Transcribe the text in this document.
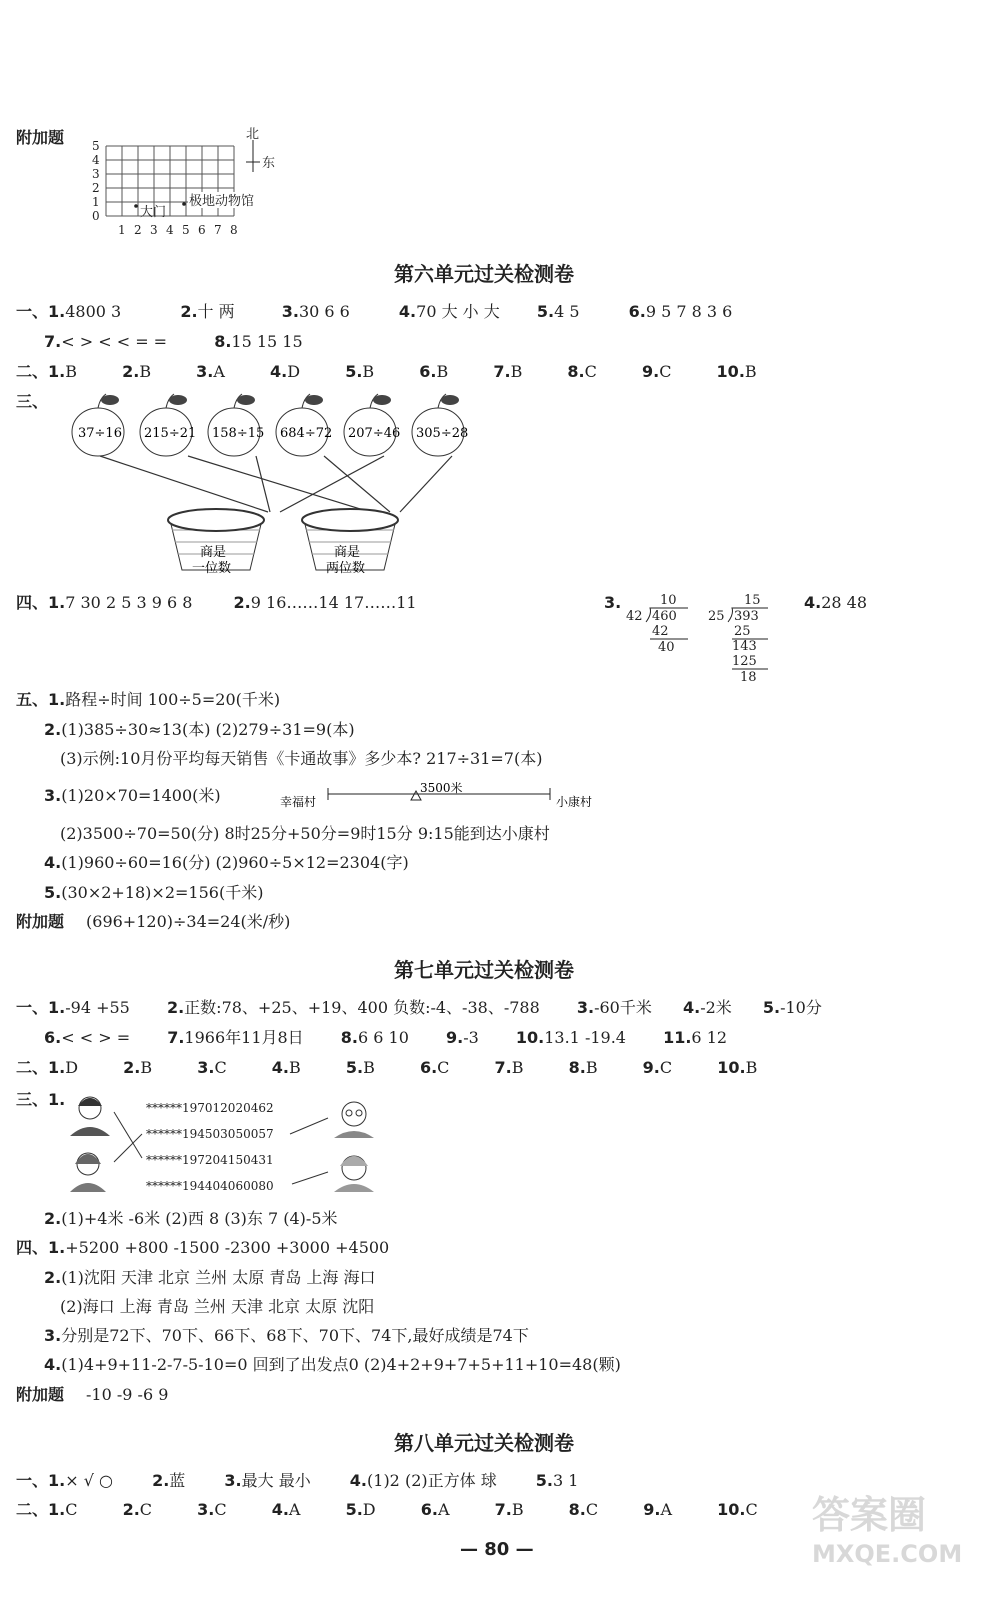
附加题 5
4
3
2
1
0
1 2 3 4 5 6 7 8
大门
极地动物馆
北
东
第六单元过关检测卷
一、1.4800 3	2.十 两	3.30 6 6	4.70 大 小 大 5.4 5	6.9 5 7 8 3 6
7.< > < < = =	8.15 15 15
二、1.B	2.B	3.A	4.D	5.B	6.B	7.B	8.C	9.C	10.B
三、
37÷16 215÷21 158÷15 684÷72 207÷46 305÷28
商是
一位数
商是
两位数
四、1.7 30 2 5 3 9 6 8	2.9 16……14 17……11	3.	4.28 48
10
42 460
42
40
15
25 393
25
143
125
18
五、1.路程÷时间 100÷5=20(千米)
2.(1)385÷30≈13(本) (2)279÷31=9(本)
(3)示例:10月份平均每天销售《卡通故事》多少本? 217÷31=7(本)
3.(1)20×70=1400(米)	幸福村	小康村
3500米
(2)3500÷70=50(分) 8时25分+50分=9时15分 9:15能到达小康村
4.(1)960÷60=16(分) (2)960÷5×12=2304(字)
5.(30×2+18)×2=156(千米)
附加题 (696+120)÷34=24(米/秒)
第七单元过关检测卷
一、1.-94 +55 2.正数:78、+25、+19、400 负数:-4、-38、-788 3.-60千米 4.-2米 5.-10分
6.< < > = 7.1966年11月8日 8.6 6 10 9.-3 10.13.1 -19.4 11.6 12
二、1.D	2.B	3.C	4.B	5.B	6.C	7.B	8.B	9.C	10.B
三、1.	******197012020462
******194503050057
******197204150431
******194404060080
2.(1)+4米 -6米 (2)西 8 (3)东 7 (4)-5米
四、1.+5200 +800 -1500 -2300 +3000 +4500
2.(1)沈阳 天津 北京 兰州 太原 青岛 上海 海口
(2)海口 上海 青岛 兰州 天津 北京 太原 沈阳
3.分别是72下、70下、66下、68下、70下、74下,最好成绩是74下
4.(1)4+9+11-2-7-5-10=0 回到了出发点0 (2)4+2+9+7+5+11+10=48(颗)
附加题 -10 -9 -6 9
第八单元过关检测卷
一、1.× √ ○ 2.蓝 3.最大 最小 4.(1)2 (2)正方体 球 5.3 1
二、1.C	2.C	3.C	4.A	5.D	6.A	7.B	8.C	9.A	10.C
— 80 —
答案圈
MXQE.COM
